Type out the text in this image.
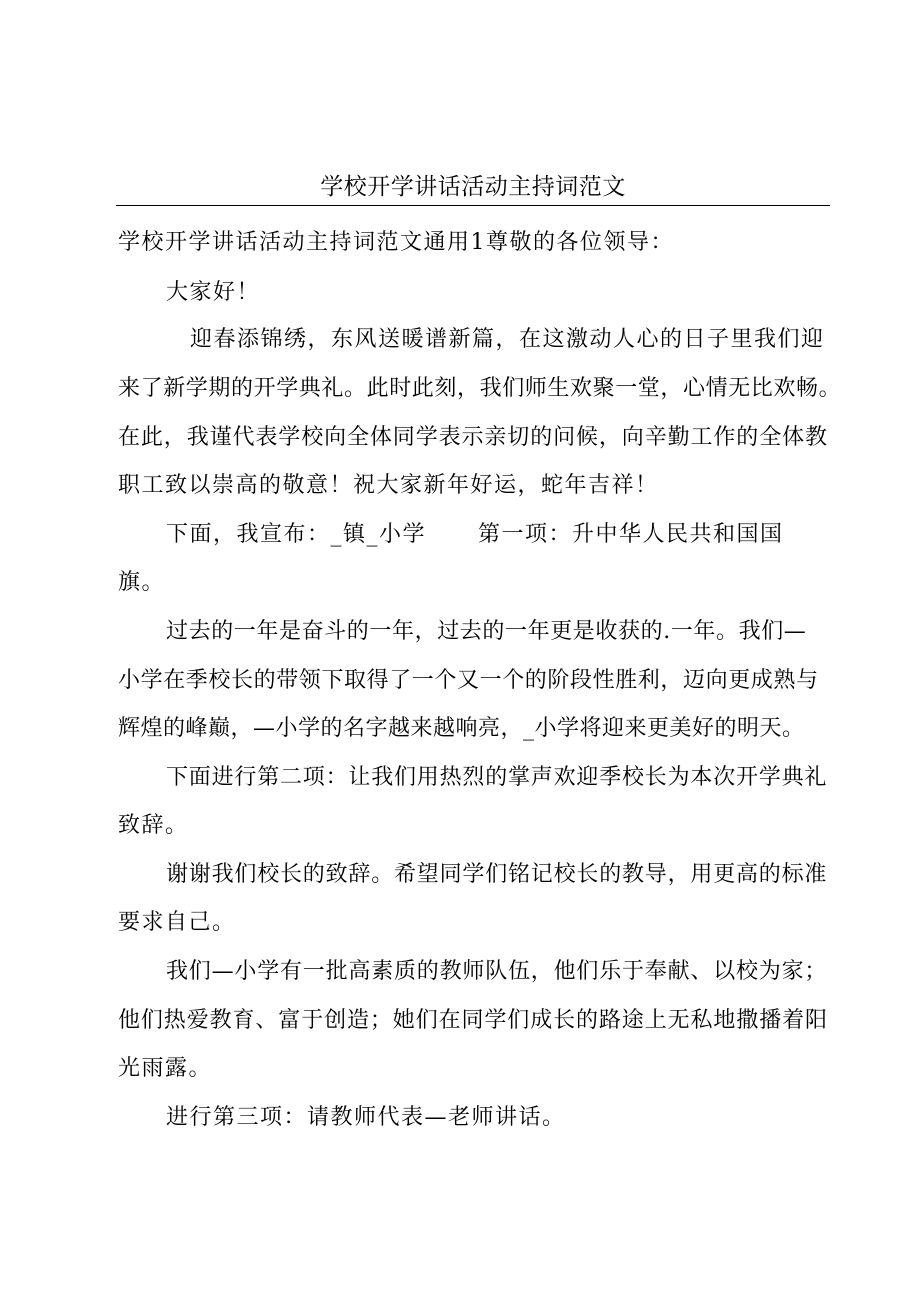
学校开学讲话活动主持词范文
学校开学讲话活动主持词范文通用1尊敬的各位领导：
大家好！
迎春添锦绣，东风送暖谱新篇，在这激动人心的日子里我们迎
来了新学期的开学典礼。此时此刻，我们师生欢聚一堂，心情无比欢畅。
在此，我谨代表学校向全体同学表示亲切的问候，向辛勤工作的全体教
职工致以崇高的敬意！祝大家新年好运，蛇年吉祥！
下面，我宣布：_镇_小学 第一项：升中华人民共和国国
旗。
过去的一年是奋斗的一年，过去的一年更是收获的.一年。我们—
小学在季校长的带领下取得了一个又一个的阶段性胜利，迈向更成熟与
辉煌的峰巅，—小学的名字越来越响亮，_小学将迎来更美好的明天。
下面进行第二项：让我们用热烈的掌声欢迎季校长为本次开学典礼
致辞。
谢谢我们校长的致辞。希望同学们铭记校长的教导，用更高的标准
要求自己。
我们—小学有一批高素质的教师队伍，他们乐于奉献、以校为家；
他们热爱教育、富于创造；她们在同学们成长的路途上无私地撒播着阳
光雨露。
进行第三项：请教师代表—老师讲话。
